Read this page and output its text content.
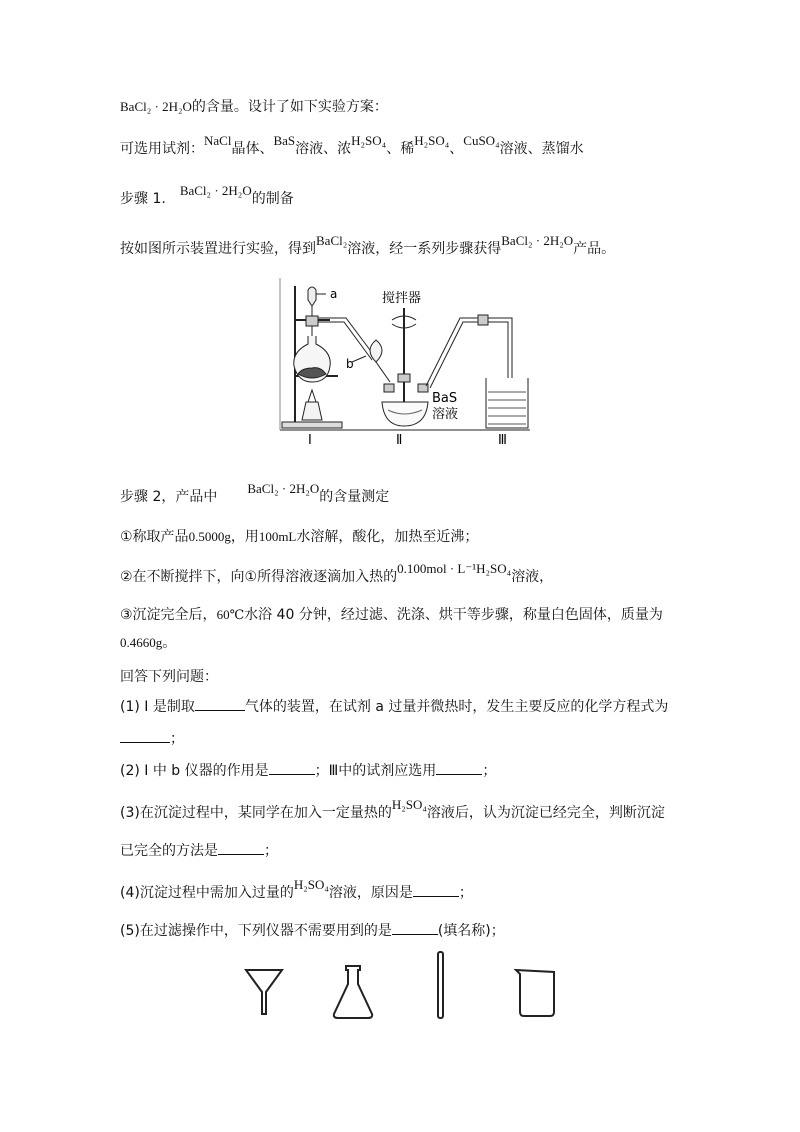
BaCl₂ · 2H₂O的含量。设计了如下实验方案：
可选用试剂：NaCl晶体、BaS溶液、浓H₂SO₄、稀H₂SO₄、CuSO₄溶液、蒸馏水
步骤 1.BaCl₂ · 2H₂O的制备
按如图所示装置进行实验，得到BaCl₂溶液，经一系列步骤获得BaCl₂ · 2H₂O产品。
a
b
搅拌器
BaS
溶液
Ⅰ	Ⅱ	Ⅲ
步骤 2，产品中BaCl₂ · 2H₂O的含量测定
①称取产品0.5000g，用100mL水溶解，酸化，加热至近沸；
②在不断搅拌下，向①所得溶液逐滴加入热的0.100mol · L⁻¹H₂SO₄溶液，
③沉淀完全后，60℃水浴 40 分钟，经过滤、洗涤、烘干等步骤，称量白色固体，质量为
0.4660g。
回答下列问题：
(1) Ⅰ 是制取	气体的装置，在试剂 a 过量并微热时，发生主要反应的化学方程式为
；
(2) Ⅰ 中 b 仪器的作用是	；Ⅲ中的试剂应选用	；
(3)在沉淀过程中，某同学在加入一定量热的H₂SO₄溶液后，认为沉淀已经完全，判断沉淀
已完全的方法是	；
(4)沉淀过程中需加入过量的H₂SO₄溶液，原因是	；
(5)在过滤操作中，下列仪器不需要用到的是	(填名称)；
